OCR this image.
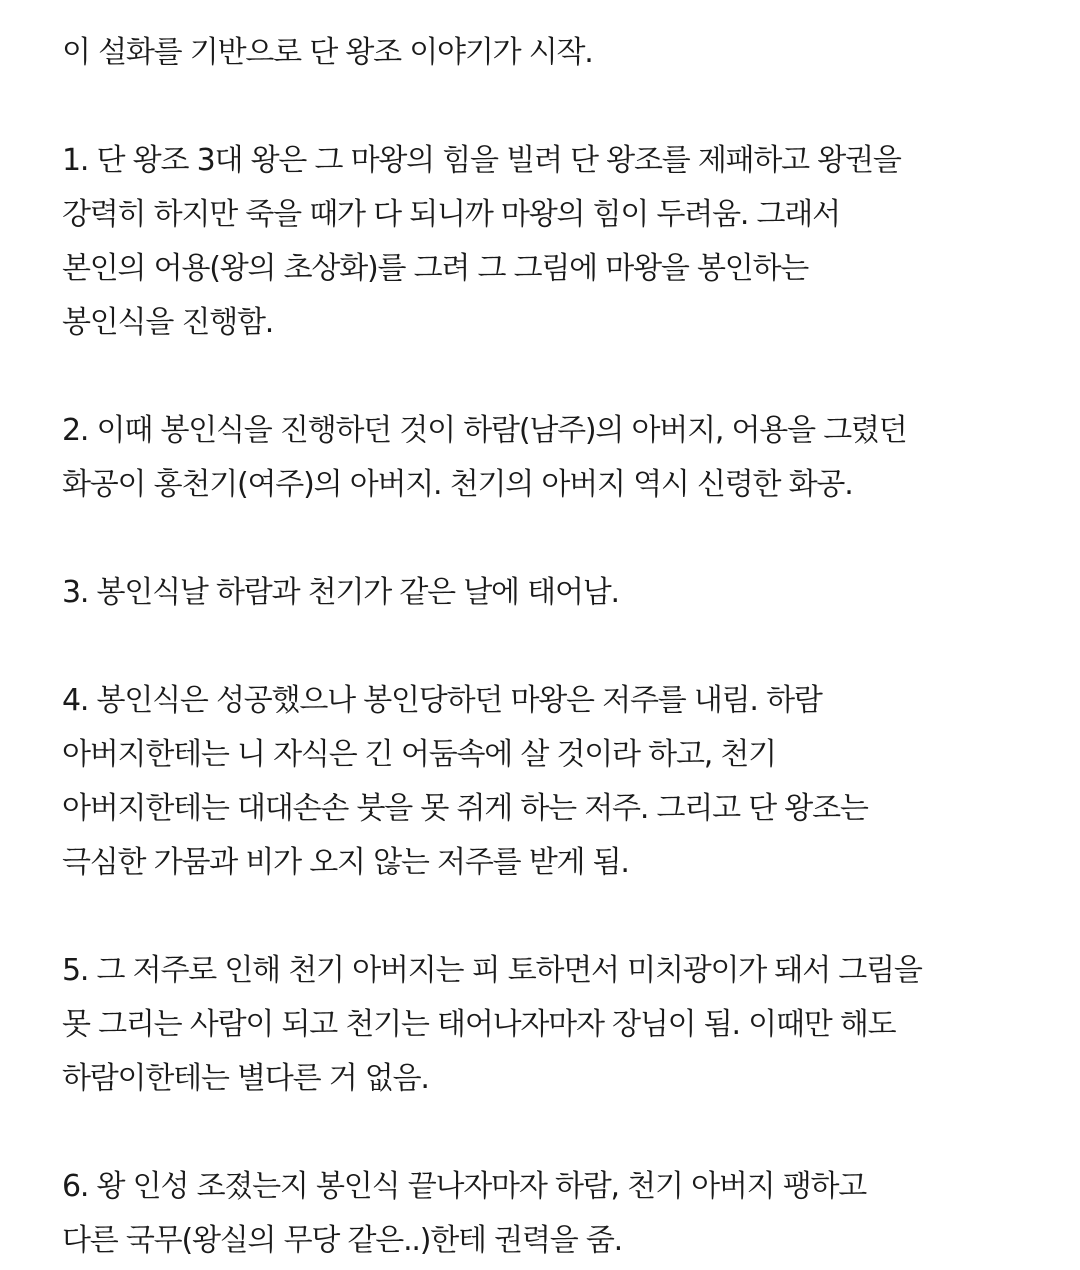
이 설화를 기반으로 단 왕조 이야기가 시작.
1. 단 왕조 3대 왕은 그 마왕의 힘을 빌려 단 왕조를 제패하고 왕권을
강력히 하지만 죽을 때가 다 되니까 마왕의 힘이 두려움. 그래서
본인의 어용(왕의 초상화)를 그려 그 그림에 마왕을 봉인하는
봉인식을 진행함.
2. 이때 봉인식을 진행하던 것이 하람(남주)의 아버지, 어용을 그렸던
화공이 홍천기(여주)의 아버지. 천기의 아버지 역시 신령한 화공.
3. 봉인식날 하람과 천기가 같은 날에 태어남.
4. 봉인식은 성공했으나 봉인당하던 마왕은 저주를 내림. 하람
아버지한테는 니 자식은 긴 어둠속에 살 것이라 하고, 천기
아버지한테는 대대손손 붓을 못 쥐게 하는 저주. 그리고 단 왕조는
극심한 가뭄과 비가 오지 않는 저주를 받게 됨.
5. 그 저주로 인해 천기 아버지는 피 토하면서 미치광이가 돼서 그림을
못 그리는 사람이 되고 천기는 태어나자마자 장님이 됨. 이때만 해도
하람이한테는 별다른 거 없음.
6. 왕 인성 조졌는지 봉인식 끝나자마자 하람, 천기 아버지 팽하고
다른 국무(왕실의 무당 같은..)한테 권력을 줌.
